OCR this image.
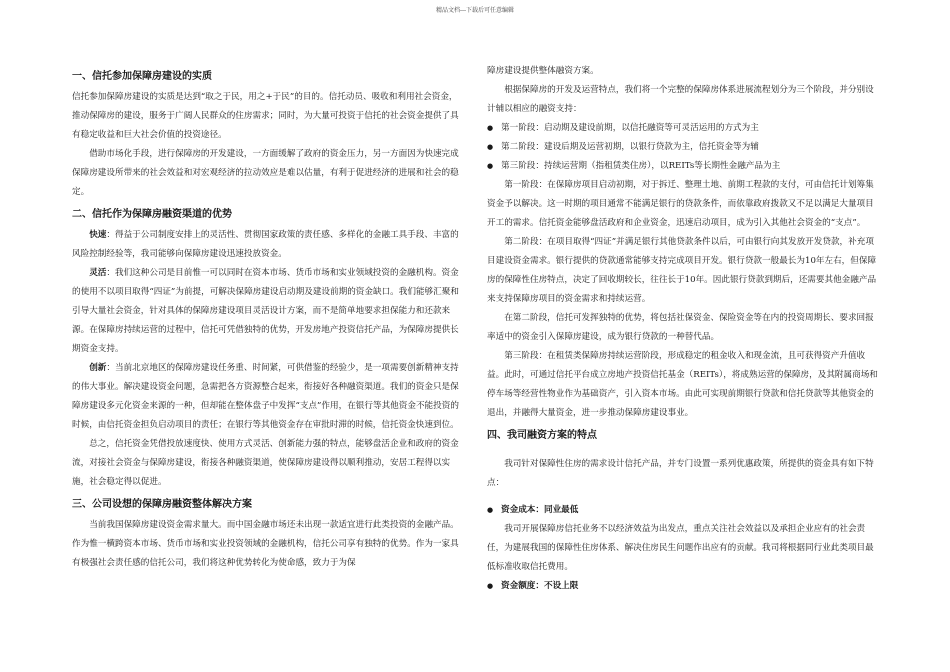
精品文档---下载后可任意编辑
一、信托参加保障房建设的实质

信托参加保障房建设的实质是达到“取之于民，用之+于民”的目的。信托动员、吸收和利用社会资金，推动保障房的建设，服务于广阔人民群众的住房需求；同时，为大量可投资于信托的社会资金提供了具有稳定收益和巨大社会价值的投资途径。

借助市场化手段，进行保障房的开发建设，一方面缓解了政府的资金压力，另一方面因为快速完成保障房建设所带来的社会效益和对宏观经济的拉动效应是难以估量，有利于促进经济的进展和社会的稳定。

二、信托作为保障房融资渠道的优势

快速：得益于公司制度安排上的灵活性、贯彻国家政策的责任感、多样化的金融工具手段、丰富的风险控制经验等，我司能够向保障房建设迅速投放资金。

灵活：我们这种公司是目前惟一可以同时在资本市场、货币市场和实业领域投资的金融机构。资金的使用不以项目取得“四证”为前提，可解决保障房建设启动期及建设前期的资金缺口。我们能够汇聚和引导大量社会资金，针对具体的保障房建设项目灵活设计方案，而不是简单地要求担保能力和还款来源。在保障房持续运营的过程中，信托可凭借独特的优势，开发房地产投资信托产品，为保障房提供长期资金支持。

创新：当前北京地区的保障房建设任务重、时间紧，可供借鉴的经验少，是一项需要创新精神支持的伟大事业。解决建设资金问题，急需把各方资源整合起来，衔接好各种融资渠道。我们的资金只是保障房建设多元化资金来源的一种，但却能在整体盘子中发挥“支点”作用，在银行等其他资金不能投资的时候，由信托资金担负启动项目的责任；在银行等其他资金存在审批时滞的时候，信托资金快速到位。

总之，信托资金凭借投放速度快、使用方式灵活、创新能力强的特点，能够盘活企业和政府的资金流，对接社会资金与保障房建设，衔接各种融资渠道，使保障房建设得以顺利推动，安居工程得以实施，社会稳定得以促进。

三、公司设想的保障房融资整体解决方案

当前我国保障房建设资金需求量大。而中国金融市场还未出现一款适宜进行此类投资的金融产品。作为惟一横跨资本市场、货币市场和实业投资领域的金融机构，信托公司享有独特的优势。作为一家具有极强社会责任感的信托公司，我们将这种优势转化为使命感，致力于为保

障房建设提供整体融资方案。

根据保障房的开发及运营特点，我们将一个完整的保障房体系进展流程划分为三个阶段，并分别设计辅以相应的融资支持：

● 第一阶段：启动期及建设前期，以信托融资等可灵活运用的方式为主
● 第二阶段：建设后期及运营初期，以银行贷款为主，信托资金等为辅
● 第三阶段：持续运营期（指租赁类住房），以REITs等长期性金融产品为主

第一阶段：在保障房项目启动初期，对于拆迁、整理土地、前期工程款的支付，可由信托计划筹集资金予以解决。这一时期的项目通常不能满足银行的贷款条件，而依靠政府拨款又不足以满足大量项目开工的需求。信托资金能够盘活政府和企业资金，迅速启动项目，成为引入其他社会资金的“支点”。

第二阶段：在项目取得“四证”并满足银行其他贷款条件以后，可由银行向其发放开发贷款，补充项目建设资金需求。银行提供的贷款通常能够支持完成项目开发。银行贷款一般最长为10年左右，但保障房的保障性住房特点，决定了回收期较长，往往长于10年。因此银行贷款到期后，还需要其他金融产品来支持保障房项目的资金需求和持续运营。

在第二阶段，信托可发挥独特的优势，将包括社保资金、保险资金等在内的投资周期长、要求回报率适中的资金引入保障房建设，成为银行贷款的一种替代品。

第三阶段：在租赁类保障房持续运营阶段，形成稳定的租金收入和现金流，且可获得资产升值收益。此时，可通过信托平台成立房地产投资信托基金（REITs），将成熟运营的保障房，及其附属商场和停车场等经营性物业作为基础资产，引入资本市场。由此可实现前期银行贷款和信托贷款等其他资金的退出，并融得大量资金，进一步推动保障房建设事业。

四、我司融资方案的特点

我司针对保障性住房的需求设计信托产品，并专门设置一系列优惠政策，所提供的资金具有如下特点：

● 资金成本：同业最低

我司开展保障房信托业务不以经济效益为出发点，重点关注社会效益以及承担企业应有的社会责任，为建展我国的保障性住房体系、解决住房民生问题作出应有的贡献。我司将根据同行业此类项目最低标准收取信托费用。

● 资金额度：不设上限
